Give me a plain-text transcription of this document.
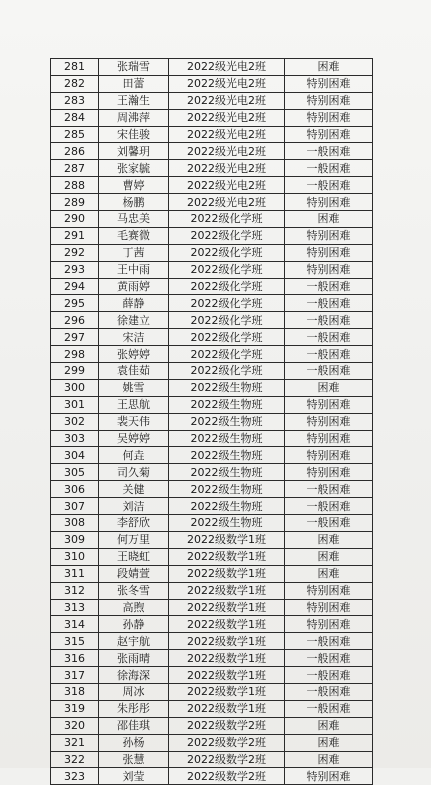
281	张瑞雪	2022级光电2班	困难
282	田蕾	2022级光电2班	特别困难
283	王瀚生	2022级光电2班	特别困难
284	周沸萍	2022级光电2班	特别困难
285	宋佳骏	2022级光电2班	特别困难
286	刘馨玥	2022级光电2班	一般困难
287	张家毓	2022级光电2班	一般困难
288	曹婷	2022级光电2班	一般困难
289	杨鹏	2022级光电2班	特别困难
290	马忠美	2022级化学班	困难
291	毛赛微	2022级化学班	特别困难
292	丁茜	2022级化学班	特别困难
293	王中雨	2022级化学班	特别困难
294	黄雨婷	2022级化学班	一般困难
295	薛静	2022级化学班	一般困难
296	徐建立	2022级化学班	一般困难
297	宋洁	2022级化学班	一般困难
298	张婷婷	2022级化学班	一般困难
299	袁佳茹	2022级化学班	一般困难
300	姚雪	2022级生物班	困难
301	王思航	2022级生物班	特别困难
302	裴天伟	2022级生物班	特别困难
303	吴婷婷	2022级生物班	特别困难
304	何垚	2022级生物班	特别困难
305	司久菊	2022级生物班	特别困难
306	关健	2022级生物班	一般困难
307	刘洁	2022级生物班	一般困难
308	李舒欣	2022级生物班	一般困难
309	何万里	2022级数学1班	困难
310	王晓虹	2022级数学1班	困难
311	段婧萱	2022级数学1班	困难
312	张冬雪	2022级数学1班	特别困难
313	高煦	2022级数学1班	特别困难
314	孙静	2022级数学1班	特别困难
315	赵宇航	2022级数学1班	一般困难
316	张雨晴	2022级数学1班	一般困难
317	徐海深	2022级数学1班	一般困难
318	周冰	2022级数学1班	一般困难
319	朱彤彤	2022级数学1班	一般困难
320	邵佳琪	2022级数学2班	困难
321	孙杨	2022级数学2班	困难
322	张慧	2022级数学2班	困难
323	刘莹	2022级数学2班	特别困难
